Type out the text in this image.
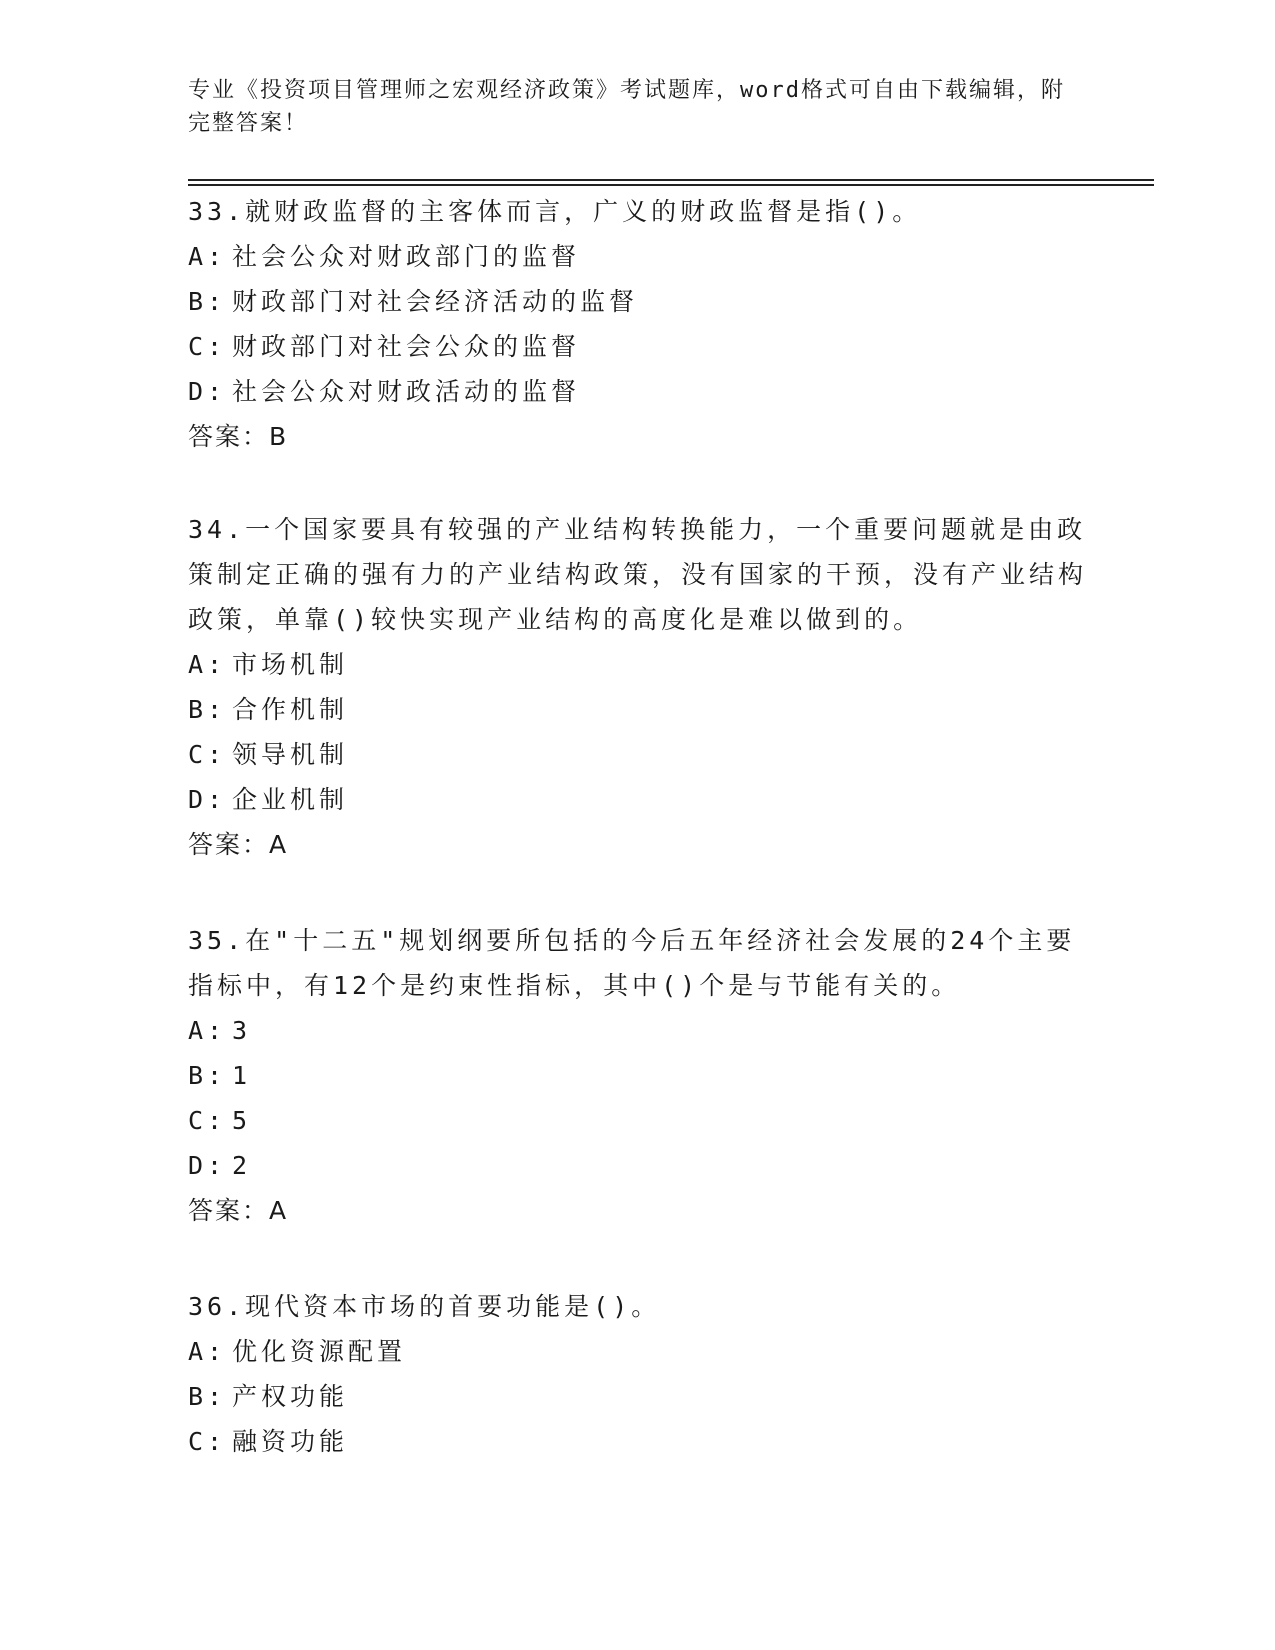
专业《投资项目管理师之宏观经济政策》考试题库，word格式可自由下载编辑，附完整答案！

33.就财政监督的主客体而言，广义的财政监督是指()。

A: 社会公众对财政部门的监督

B: 财政部门对社会经济活动的监督

C: 财政部门对社会公众的监督

D: 社会公众对财政活动的监督

答案：B

34.一个国家要具有较强的产业结构转换能力，一个重要问题就是由政策制定正确的强有力的产业结构政策，没有国家的干预，没有产业结构政策，单靠()较快实现产业结构的高度化是难以做到的。

A: 市场机制

B: 合作机制

C: 领导机制

D: 企业机制

答案：A

35.在"十二五"规划纲要所包括的今后五年经济社会发展的24个主要指标中，有12个是约束性指标，其中()个是与节能有关的。

A: 3

B: 1

C: 5

D: 2

答案：A

36.现代资本市场的首要功能是()。

A: 优化资源配置

B: 产权功能

C: 融资功能
